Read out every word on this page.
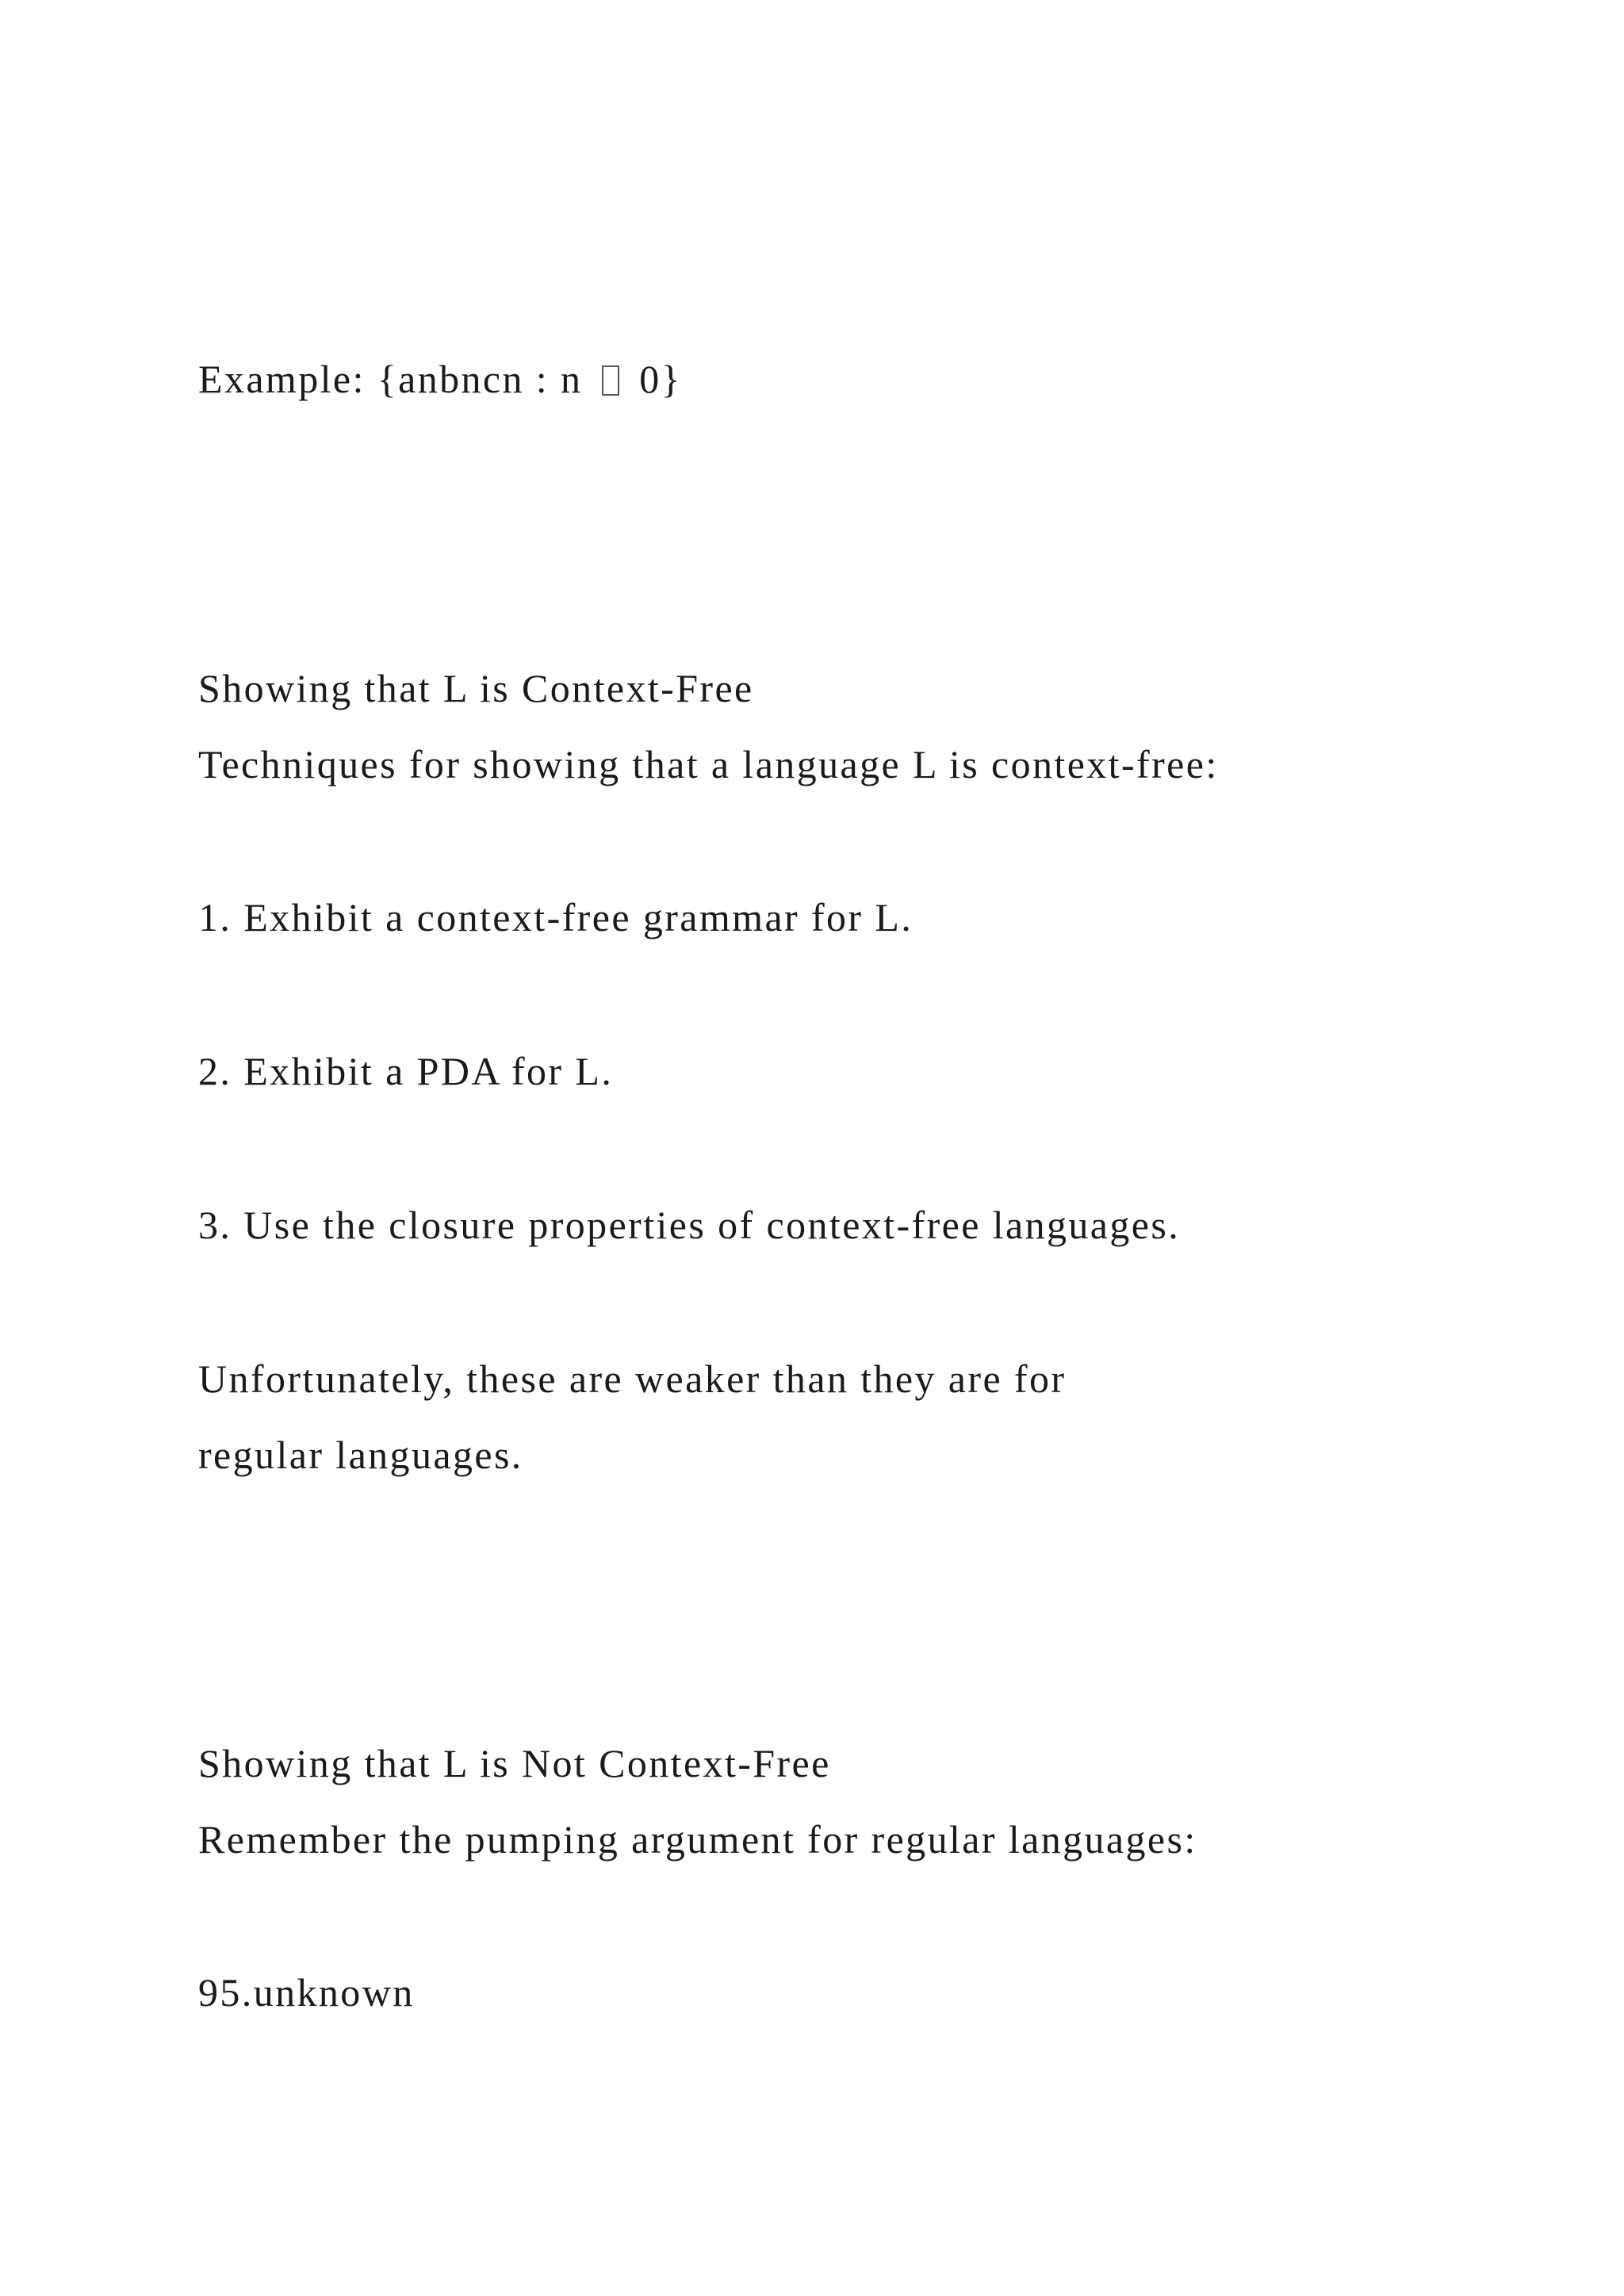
Example: {anbncn : n 0}
Showing that L is Context-Free
Techniques for showing that a language L is context-free:
1. Exhibit a context-free grammar for L.
2. Exhibit a PDA for L.
3. Use the closure properties of context-free languages.
Unfortunately, these are weaker than they are for
regular languages.
Showing that L is Not Context-Free
Remember the pumping argument for regular languages:
95.unknown
